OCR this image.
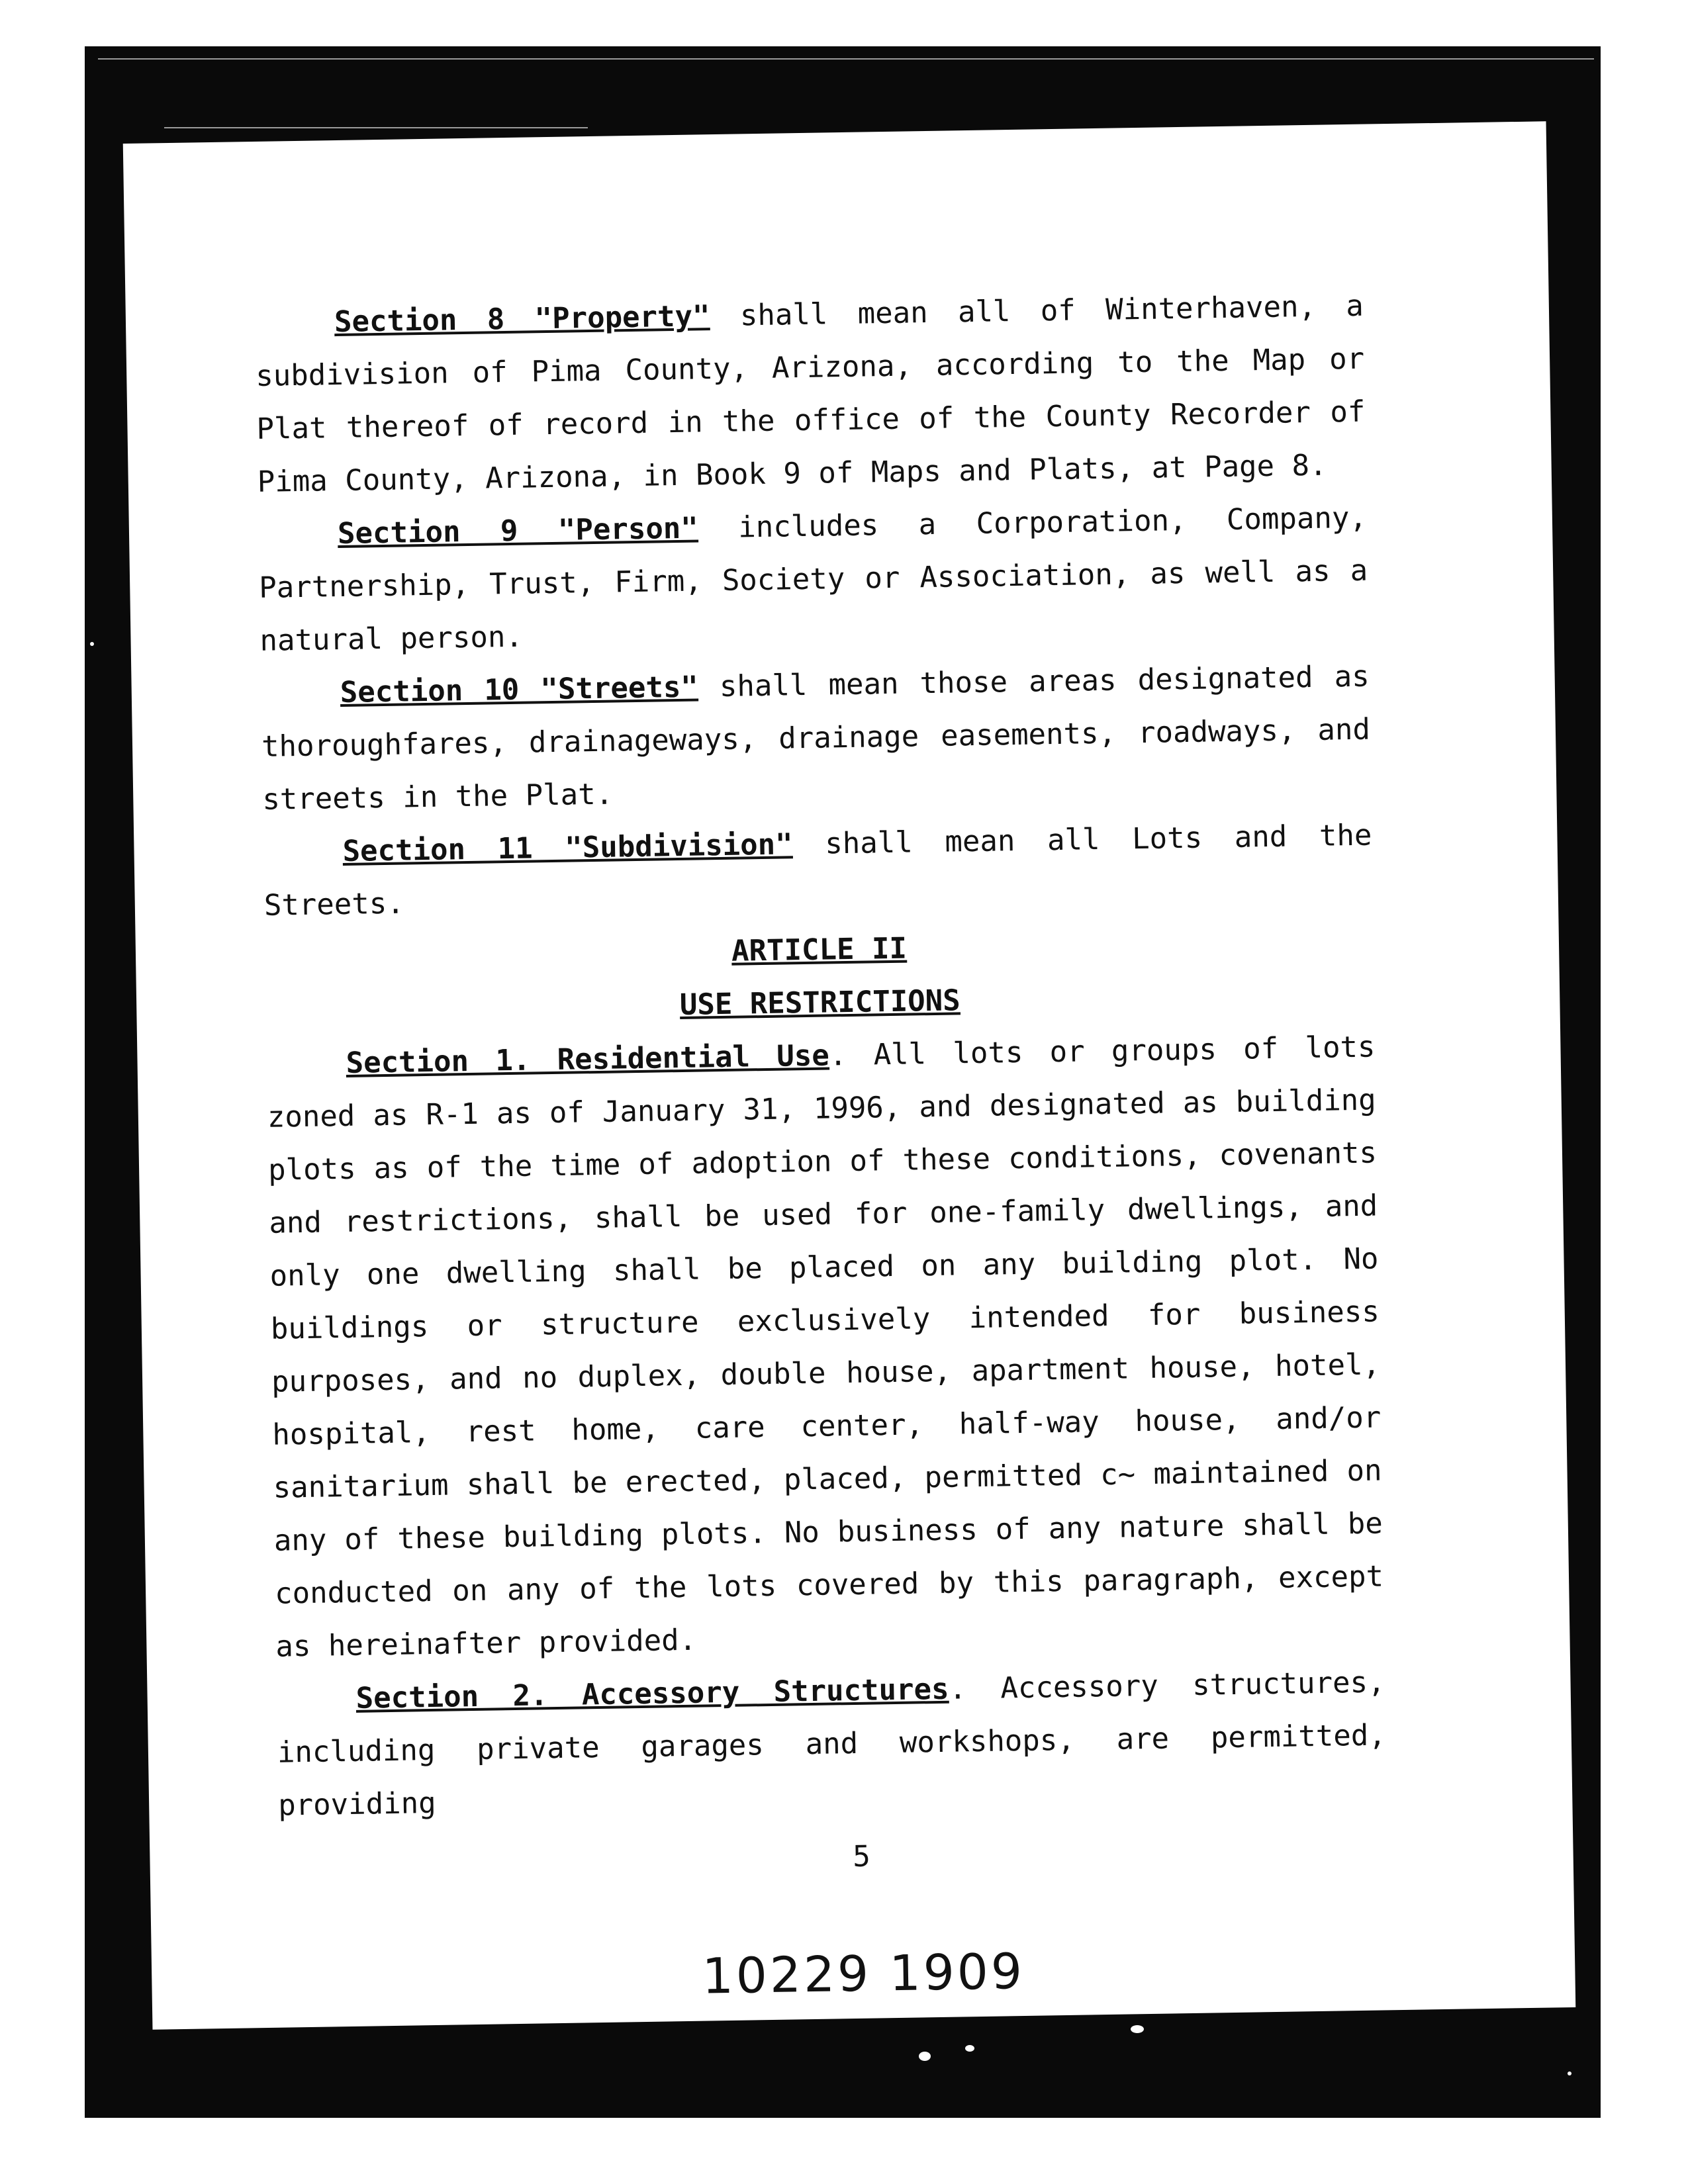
Section 8 "Property" shall mean all of Winterhaven, a subdivision of Pima County, Arizona, according to the Map or Plat thereof of record in the office of the County Recorder of Pima County, Arizona, in Book 9 of Maps and Plats, at Page 8.

Section 9 "Person" includes a Corporation, Company, Partnership, Trust, Firm, Society or Association, as well as a natural person.

Section 10 "Streets" shall mean those areas designated as thoroughfares, drainageways, drainage easements, roadways, and streets in the Plat.

Section 11 "Subdivision" shall mean all Lots and the Streets.

ARTICLE II

USE RESTRICTIONS

Section 1. Residential Use. All lots or groups of lots zoned as R-1 as of January 31, 1996, and designated as building plots as of the time of adoption of these conditions, covenants and restrictions, shall be used for one-family dwellings, and only one dwelling shall be placed on any building plot. No buildings or structure exclusively intended for business purposes, and no duplex, double house, apartment house, hotel, hospital, rest home, care center, half-way house, and/or sanitarium shall be erected, placed, permitted c~ maintained on any of these building plots. No business of any nature shall be conducted on any of the lots covered by this paragraph, except as hereinafter provided.

Section 2. Accessory Structures. Accessory structures, including private garages and workshops, are permitted, providing

5
10229 1909
